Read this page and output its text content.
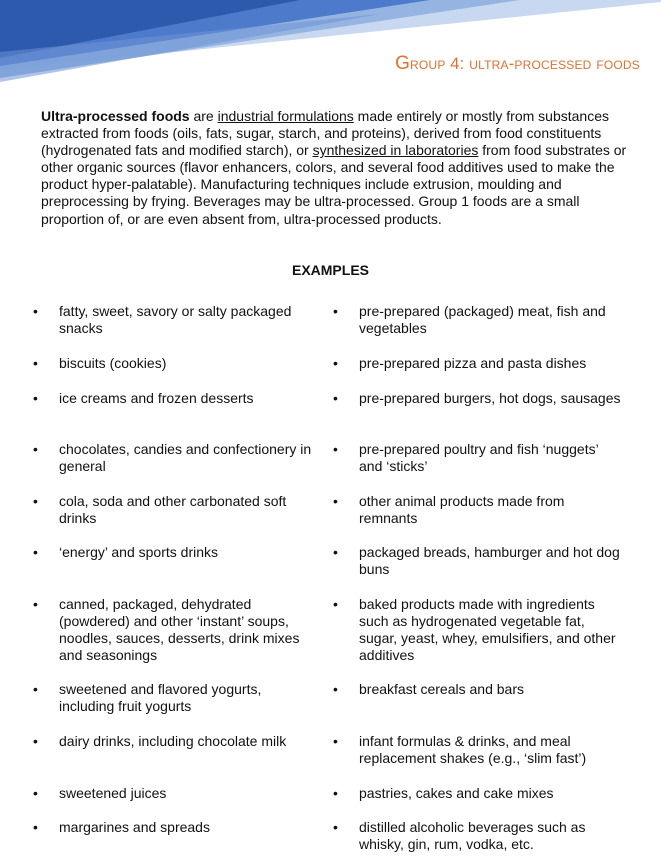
Group 4: ultra-processed foods

Ultra-processed foods are industrial formulations made entirely or mostly from substances extracted from foods (oils, fats, sugar, starch, and proteins), derived from food constituents (hydrogenated fats and modified starch), or synthesized in laboratories from food substrates or other organic sources (flavor enhancers, colors, and several food additives used to make the product hyper-palatable). Manufacturing techniques include extrusion, moulding and preprocessing by frying. Beverages may be ultra-processed. Group 1 foods are a small proportion of, or are even absent from, ultra-processed products.

EXAMPLES
• fatty, sweet, savory or salty packaged snacks
• biscuits (cookies)
• ice creams and frozen desserts
• chocolates, candies and confectionery in general
• cola, soda and other carbonated soft drinks
• ‘energy’ and sports drinks
• canned, packaged, dehydrated (powdered) and other ‘instant’ soups, noodles, sauces, desserts, drink mixes and seasonings
• sweetened and flavored yogurts, including fruit yogurts
• dairy drinks, including chocolate milk
• sweetened juices
• margarines and spreads
• pre-prepared (packaged) meat, fish and vegetables
• pre-prepared pizza and pasta dishes
• pre-prepared burgers, hot dogs, sausages
• pre-prepared poultry and fish ‘nuggets’ and ‘sticks’
• other animal products made from remnants
• packaged breads, hamburger and hot dog buns
• baked products made with ingredients such as hydrogenated vegetable fat, sugar, yeast, whey, emulsifiers, and other additives
• breakfast cereals and bars
• infant formulas & drinks, and meal replacement shakes (e.g., ‘slim fast’)
• pastries, cakes and cake mixes
• distilled alcoholic beverages such as whisky, gin, rum, vodka, etc.
